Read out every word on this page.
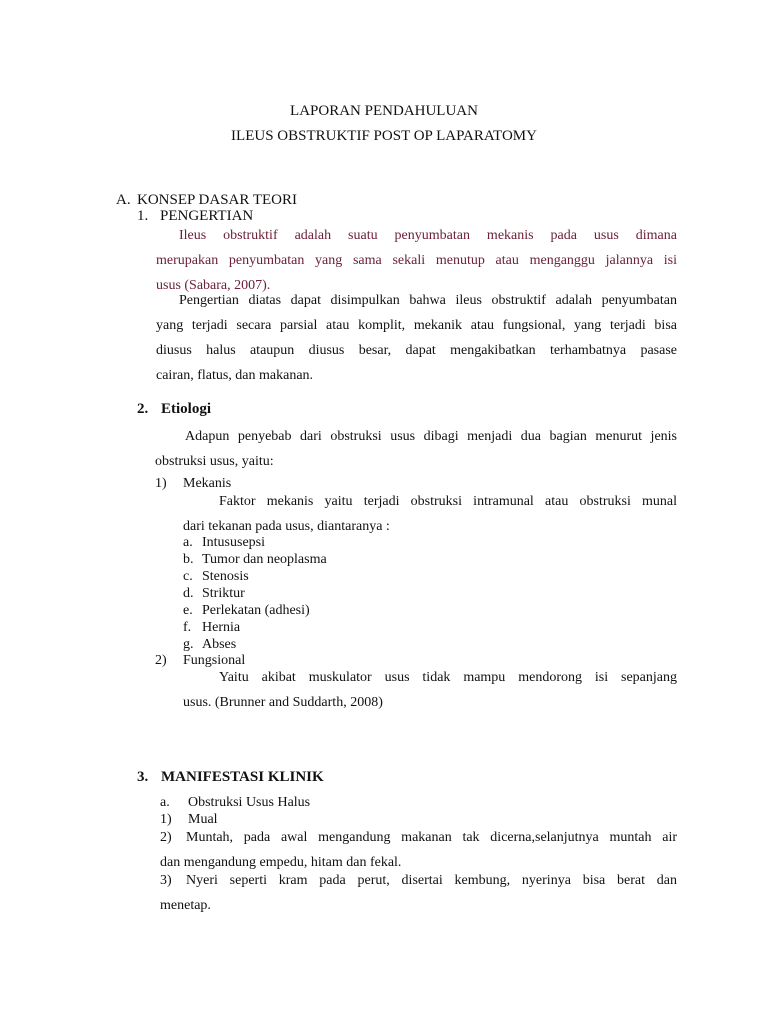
LAPORAN PENDAHULUAN
ILEUS OBSTRUKTIF POST OP LAPARATOMY
A. KONSEP DASAR TEORI
1. PENGERTIAN
Ileus obstruktif adalah suatu penyumbatan mekanis pada usus dimana
merupakan penyumbatan yang sama sekali menutup atau menganggu jalannya isi
usus (Sabara, 2007).
Pengertian diatas dapat disimpulkan bahwa ileus obstruktif adalah penyumbatan
yang terjadi secara parsial atau komplit, mekanik atau fungsional, yang terjadi bisa
diusus halus ataupun diusus besar, dapat mengakibatkan terhambatnya pasase
cairan, flatus, dan makanan.
2. Etiologi
Adapun penyebab dari obstruksi usus dibagi menjadi dua bagian menurut jenis
obstruksi usus, yaitu:
1) Mekanis
Faktor mekanis yaitu terjadi obstruksi intramunal atau obstruksi munal
dari tekanan pada usus, diantaranya :
a. Intususepsi
b. Tumor dan neoplasma
c. Stenosis
d. Striktur
e. Perlekatan (adhesi)
f. Hernia
g. Abses
2) Fungsional
Yaitu akibat muskulator usus tidak mampu mendorong isi sepanjang
usus. (Brunner and Suddarth, 2008)
3. MANIFESTASI KLINIK
a. Obstruksi Usus Halus
1) Mual
2) Muntah, pada awal mengandung makanan tak dicerna,selanjutnya muntah air
dan mengandung empedu, hitam dan fekal.
3) Nyeri seperti kram pada perut, disertai kembung, nyerinya bisa berat dan
menetap.
